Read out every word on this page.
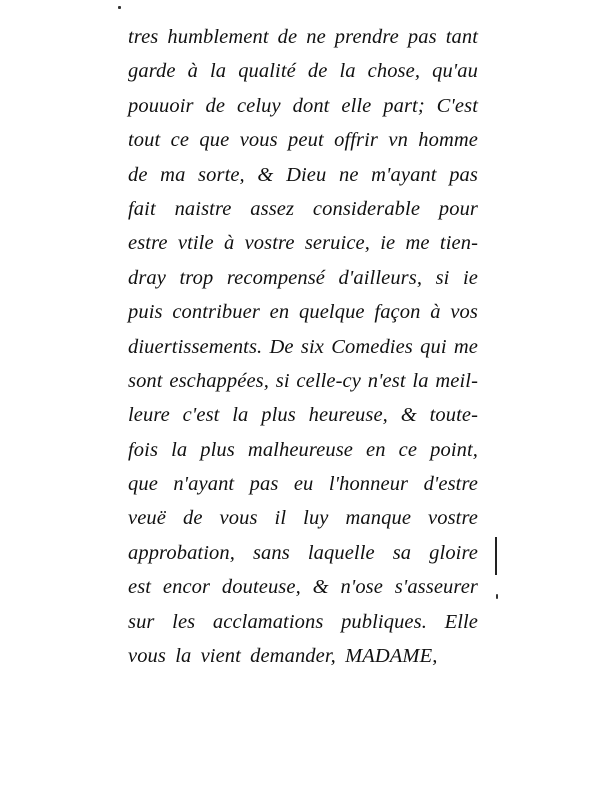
tres humblement de ne prendre pas tant
garde à la qualité de la chose, qu'au
pouuoir de celuy dont elle part; C'est
tout ce que vous peut offrir vn homme
de ma sorte, & Dieu ne m'ayant pas
fait naistre assez considerable pour
estre vtile à vostre seruice, ie me tien-
dray trop recompensé d'ailleurs, si ie
puis contribuer en quelque façon à vos
diuertissements. De six Comedies qui me
sont eschappées, si celle-cy n'est la meil-
leure c'est la plus heureuse, & toute-
fois la plus malheureuse en ce point,
que n'ayant pas eu l'honneur d'estre
veuë de vous il luy manque vostre
approbation, sans laquelle sa gloire
est encor douteuse, & n'ose s'asseurer
sur les acclamations publiques. Elle
vous la vient demander, MADAME,
